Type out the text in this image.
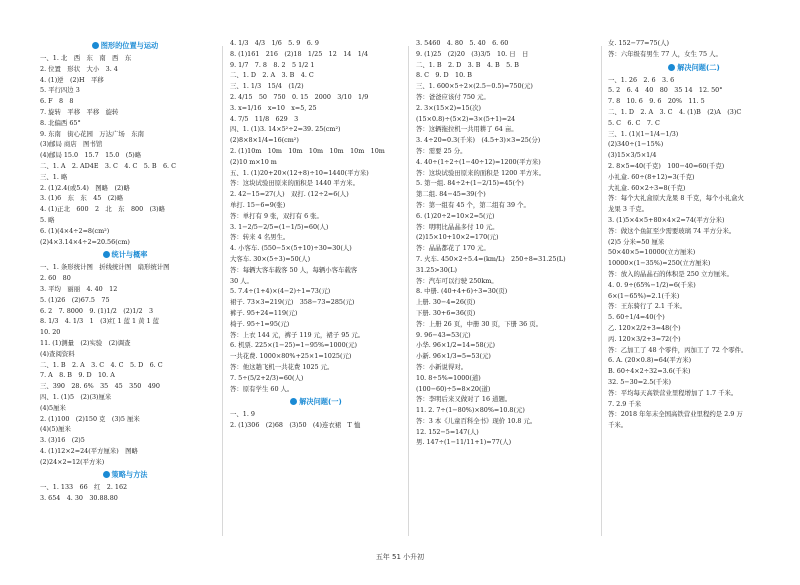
图形的位置与运动
一、1. 北　西　东　南　西　东
2. 位置　形状　大小　3. 4
4. (1)逆　(2)H　平移
5. 平行四边 3
6. F　8　8
7. 旋转　平移　平移　旋转
8. 北偏西 65°
9. 东南　街心花园　万达广场　东南
(3)邮局 商店　图书馆
(4)邮局 15.0　15.7　15.0　(5)略
二、1. A　2. AD4E　3. C　4. C　5. B　6. C
三、1. 略
2. (1)2.4(或5.4)　图略　(2)略
3. (1)6　东　东　45　(2)略
4. (1)正北　600　2　北　东　800　(3)略
5. 略
6. (1)(4×4÷2=8(cm²)
(2)4×3.14×4÷2=20.56(cm)
统计与概率
一、1. 条形统计图　折线统计图　扇形统计图
2. 60　80
3. 平均　丽丽　4. 40　12
5. (1)26　(2)67.5　75
6. 2　7. 8000　9. (1)1/2　(2)1/2　3
8. 1/3　4. 1/3　1　(3)红 1 蓝 1 黄 1 蓝
10. 20
11. (1)测量　(2)实验　(2)调查
(4)查阅资料
二、1. B　2. A　3. C　4. C　5. D　6. C
7. A　8. B　9. D　10. A
三、390　28. 6%　35　45　350　490
四、1. (1)5　(2)(3)厘米
(4)5厘米
2. (1)100　(2)150 克　(3)5 厘米
(4)(5)厘米
3. (3)16　(2)5
4. (1)12×2=24(平方厘米)　图略
(2)24×2=12(平方米)
策略与方法
一、1. 133　66　红　2. 162
3. 654　4. 30　30.88.80
4. 1/3　4/3　1/6　5. 9　6. 9
8. (1)161　216　(2)18　1/25　12　14　1/4
9. 1/7　7. 8　8. 2　5 1/2 1
二、1. D　2. A　3. B　4. C
三、1. 1/3　15/4　(1/2)
2. 4/15　50　750　0. 15　2000　3/10　1/9
3. x=1/16　x=10　x=5, 25
4. 7/5　11/8　629　3
四、1. (1)3. 14×5²÷2=39. 25(cm²)
(2)8×8×1/4=16(cm²)
2. (1)10m　10m　10m　10m　10m　10m　10m
(2)10 m×10 m
五、1. (1)20+20×(12+8)÷10=1440(平方米)
答：这块试验田原来的面积是 1440 平方米。
2. 42−15=27(人)　双打. (12÷2=6(人)
单打. 15−6=9(张)
答：单打有 9 张，双打有 6 张。
3. 1−2/5−2/5=(1−1/5)=60(人)
答：转来 4 名男生。
4. 小客车. (550−5×(5+10)÷30=30(人)
大客车. 30×(5÷3)=50(人)
答：每辆大客车载客 50 人，每辆小客车载客
30 人。
5. 7.4÷(1+4)×(4−2)÷1=73(元)
裙子. 73×3=219(元)　358−73=285(元)
裤子. 95+24=119(元)
椅子. 95÷1=95(元)
答：上衣 144 元，裤子 119 元，裙子 95 元。
6. 机票. 225×(1−25)=1−95%=1000(元)
一共花费. 1000×80%+25×1=1025(元)
答：他这趟飞机一共花费 1025 元。
7. 5÷(5/2+2/3)=60(人)
答：原有学生 60 人。
解决问题(一)
一、1. 9
2. (1)306　(2)68　(3)50　(4)连衣裙　T 恤
3. 5460　4. 80　5. 40　6. 60
9. (1)25　(2)20　(3)3/5　10. 日　日
二、1. B　2. D　3. B　4. B　5. B
8. C　9. D　10. B
三、1. 600×5÷2×(2.5−0.5)=750(元)
答：爸爸应该付 750 元。
2. 3×(15×2)=15(次)
(15×0.8)÷(5×2)=3×(5+1)=24
答：这辆拖拉机一共用耕了 64 亩。
3. 4÷20=0.3(千米)　(4.5+3)×3=25(分)
答：需要 25 分。
4. 40÷(1÷2÷(1−40÷12)=1200(平方米)
答：这块试验田原来的面积是 1200 平方米。
5. 第一组. 84÷2+(1−2/15)=45(个)
第二组. 84−45=39(个)
答：第一组有 45 个，第二组有 39 个。
6. (1)20÷2=10×2=5(元)
答：明明比晶晶多付 10 元。
(2)15×10+10×2=170(元)
答：晶晶都花了 170 元。
7. 火车. 450×2÷5.4=(km/L)　250÷8=31.25(L)
31.25>30(L)
答：汽车可以行驶 250km。
8. 中册. (40+4+6)÷3=30(页)
上册. 30−4=26(页)
下册. 30+6=36(页)
答：上册 26 页，中册 30 页，下册 36 页。
9. 96−43=53(元)
小华. 96×1/2=14=58(元)
小新. 96×1/3=5=53(元)
答：小新说得对。
10. 8÷5%=1000(道)
(100−60)÷5=8×20(道)
答：李明后来又做对了 16 道题。
11. 2. 7÷(1−80%)×80%=10.8(元)
答：3 本《儿童百科全书》现价 10.8 元。
12. 152−5=147(人)
男. 147÷(1−11/11+1)=77(人)
女. 152−77=75(人)
答：六年级有男生 77 人，女生 75 人。
解决问题(二)
一、1. 26　2. 6　3. 6
5. 2　6. 4　40　80　35 14　12. 50°
7. 8　10. 6　9. 6　20%　11. 5
二、1. D　2. A　3. C　4. (1)B　(2)A　(3)C
5. C　6. C　7. C
三、1. (1)(1−1/4−1/3)
(2)340÷(1−15%)
(3)15×3/5×1/4
2. 8×5=40(千克)　100−40=60(千克)
小礼盒. 60÷(8+12)=3(千克)
大礼盒. 60×2÷3=8(千克)
答：每个大礼盒原大龙果 8 千克，每个小礼盒火
龙果 3 千克。
3. (1)5×4×5+80×4×2=74(平方分米)
答：做这个鱼缸至少需要玻璃 74 平方分米。
(2)5 分米=50 厘米
50×40×5=10000(立方厘米)
10000×(1−35%)=250(立方厘米)
答：放入的晶晶石的体积是 250 立方厘米。
4. 0. 9÷(65%−1/2)=6(千米)
6×(1−65%)=2.1(千米)
答：王东骑行了 2.1 千米。
5. 60÷1/4=40(个)
乙. 120×2/2+3=48(个)
丙. 120×3/2+3=72(个)
答：乙加工了 48 个零件，丙加工了 72 个零件。
6. A. (20×0.8)=64(平方米)
B. 60÷4×2÷32=3.6(千米)
32. 5−30=2.5(千米)
答：平均每天高铁营业里程增加了 1.7 千米。
7. 2.9 千米
答：2018 年年末全国高铁营业里程约是 2.9 万
千米。
五年 51 小升初
